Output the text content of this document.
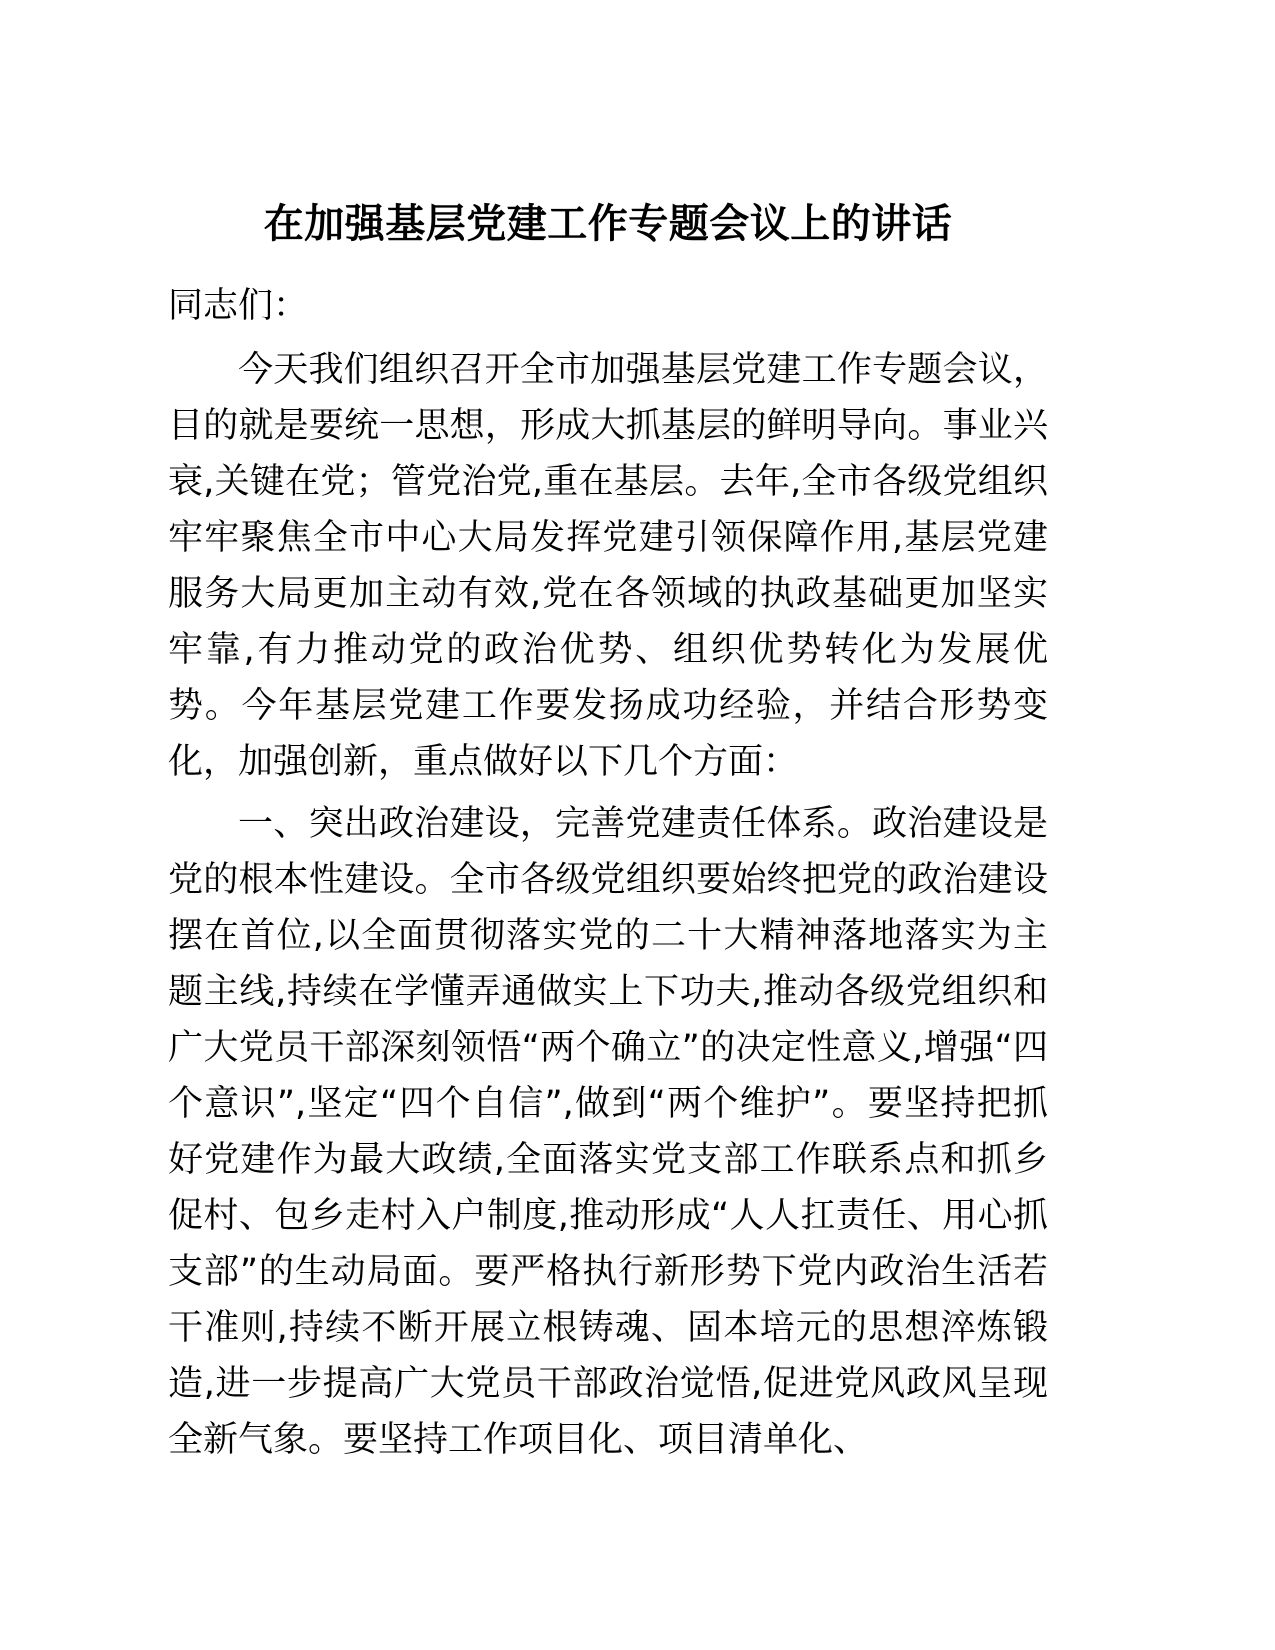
在加强基层党建工作专题会议上的讲话

同志们：

今天我们组织召开全市加强基层党建工作专题会议，目的就是要统一思想，形成大抓基层的鲜明导向。事业兴衰,关键在党；管党治党,重在基层。去年,全市各级党组织牢牢聚焦全市中心大局发挥党建引领保障作用,基层党建服务大局更加主动有效,党在各领域的执政基础更加坚实牢靠,有力推动党的政治优势、组织优势转化为发展优势。今年基层党建工作要发扬成功经验，并结合形势变化，加强创新，重点做好以下几个方面：

一、突出政治建设，完善党建责任体系。政治建设是党的根本性建设。全市各级党组织要始终把党的政治建设摆在首位,以全面贯彻落实党的二十大精神落地落实为主题主线,持续在学懂弄通做实上下功夫,推动各级党组织和广大党员干部深刻领悟“两个确立”的决定性意义,增强“四个意识”,坚定“四个自信”,做到“两个维护”。要坚持把抓好党建作为最大政绩,全面落实党支部工作联系点和抓乡促村、包乡走村入户制度,推动形成“人人扛责任、用心抓支部”的生动局面。要严格执行新形势下党内政治生活若干准则,持续不断开展立根铸魂、固本培元的思想淬炼锻造,进一步提高广大党员干部政治觉悟,促进党风政风呈现全新气象。要坚持工作项目化、项目清单化、
